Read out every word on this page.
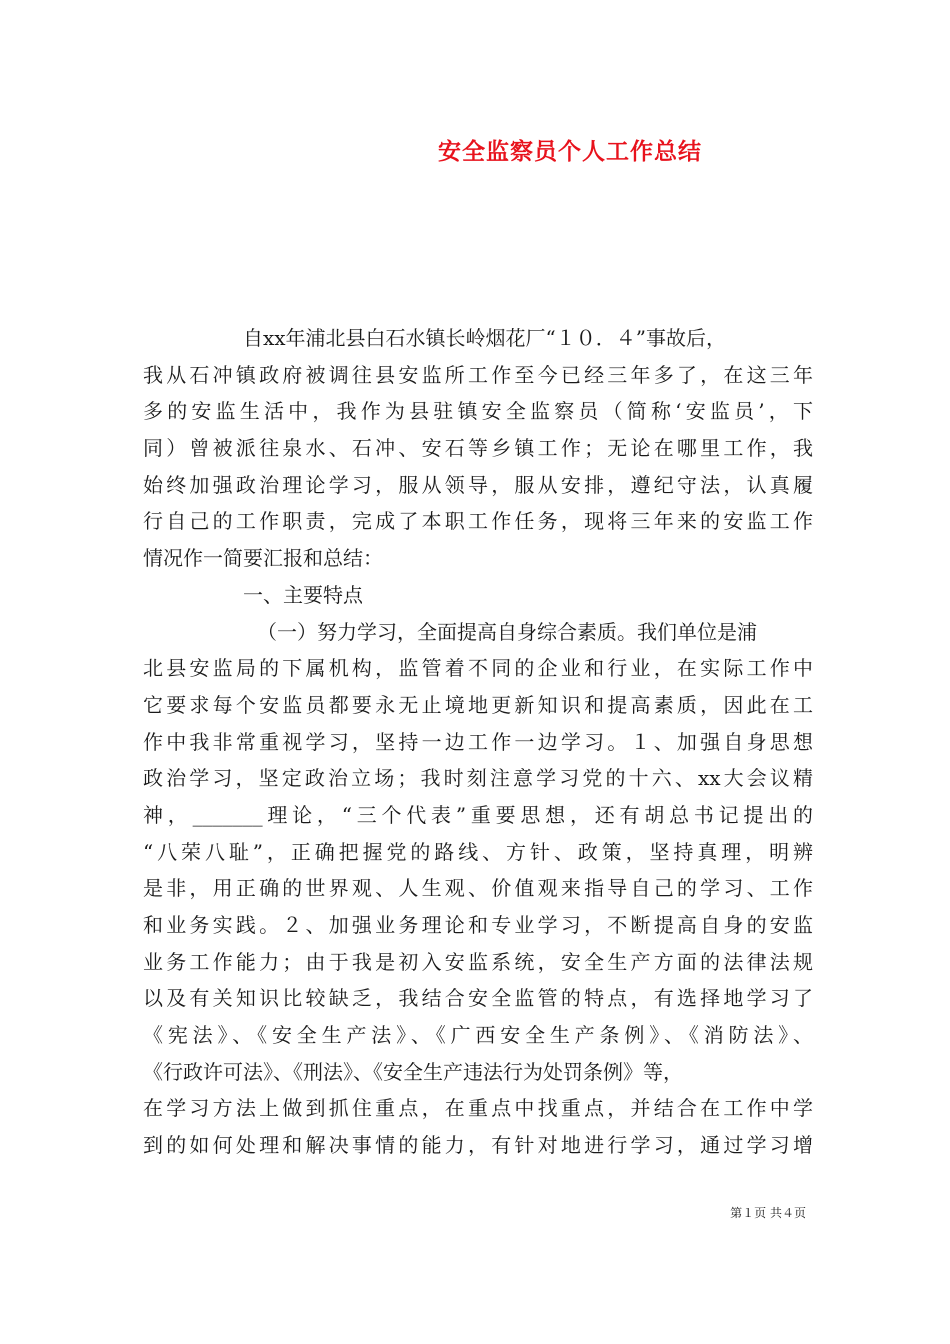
安全监察员个人工作总结
自xx年浦北县白石水镇长岭烟花厂“１０．４”事故后，
我从石冲镇政府被调往县安监所工作至今已经三年多了，在这三年
多的安监生活中，我作为县驻镇安全监察员（简称‘安监员’，下
同）曾被派往泉水、石冲、安石等乡镇工作；无论在哪里工作，我
始终加强政治理论学习，服从领导，服从安排，遵纪守法，认真履
行自己的工作职责，完成了本职工作任务，现将三年来的安监工作
情况作一简要汇报和总结：
一、主要特点
（一）努力学习，全面提高自身综合素质。我们单位是浦
北县安监局的下属机构，监管着不同的企业和行业，在实际工作中
它要求每个安监员都要永无止境地更新知识和提高素质，因此在工
作中我非常重视学习，坚持一边工作一边学习。１、加强自身思想
政治学习，坚定政治立场；我时刻注意学习党的十六、xx大会议精
神，_______理论，“三个代表”重要思想，还有胡总书记提出的
“八荣八耻”，正确把握党的路线、方针、政策，坚持真理，明辨
是非，用正确的世界观、人生观、价值观来指导自己的学习、工作
和业务实践。２、加强业务理论和专业学习，不断提高自身的安监
业务工作能力；由于我是初入安监系统，安全生产方面的法律法规
以及有关知识比较缺乏，我结合安全监管的特点，有选择地学习了
《宪法》、《安全生产法》、《广西安全生产条例》、《消防法》、
《行政许可法》、《刑法》、《安全生产违法行为处罚条例》等，
在学习方法上做到抓住重点，在重点中找重点，并结合在工作中学
到的如何处理和解决事情的能力，有针对地进行学习，通过学习增
第１页 共４页
